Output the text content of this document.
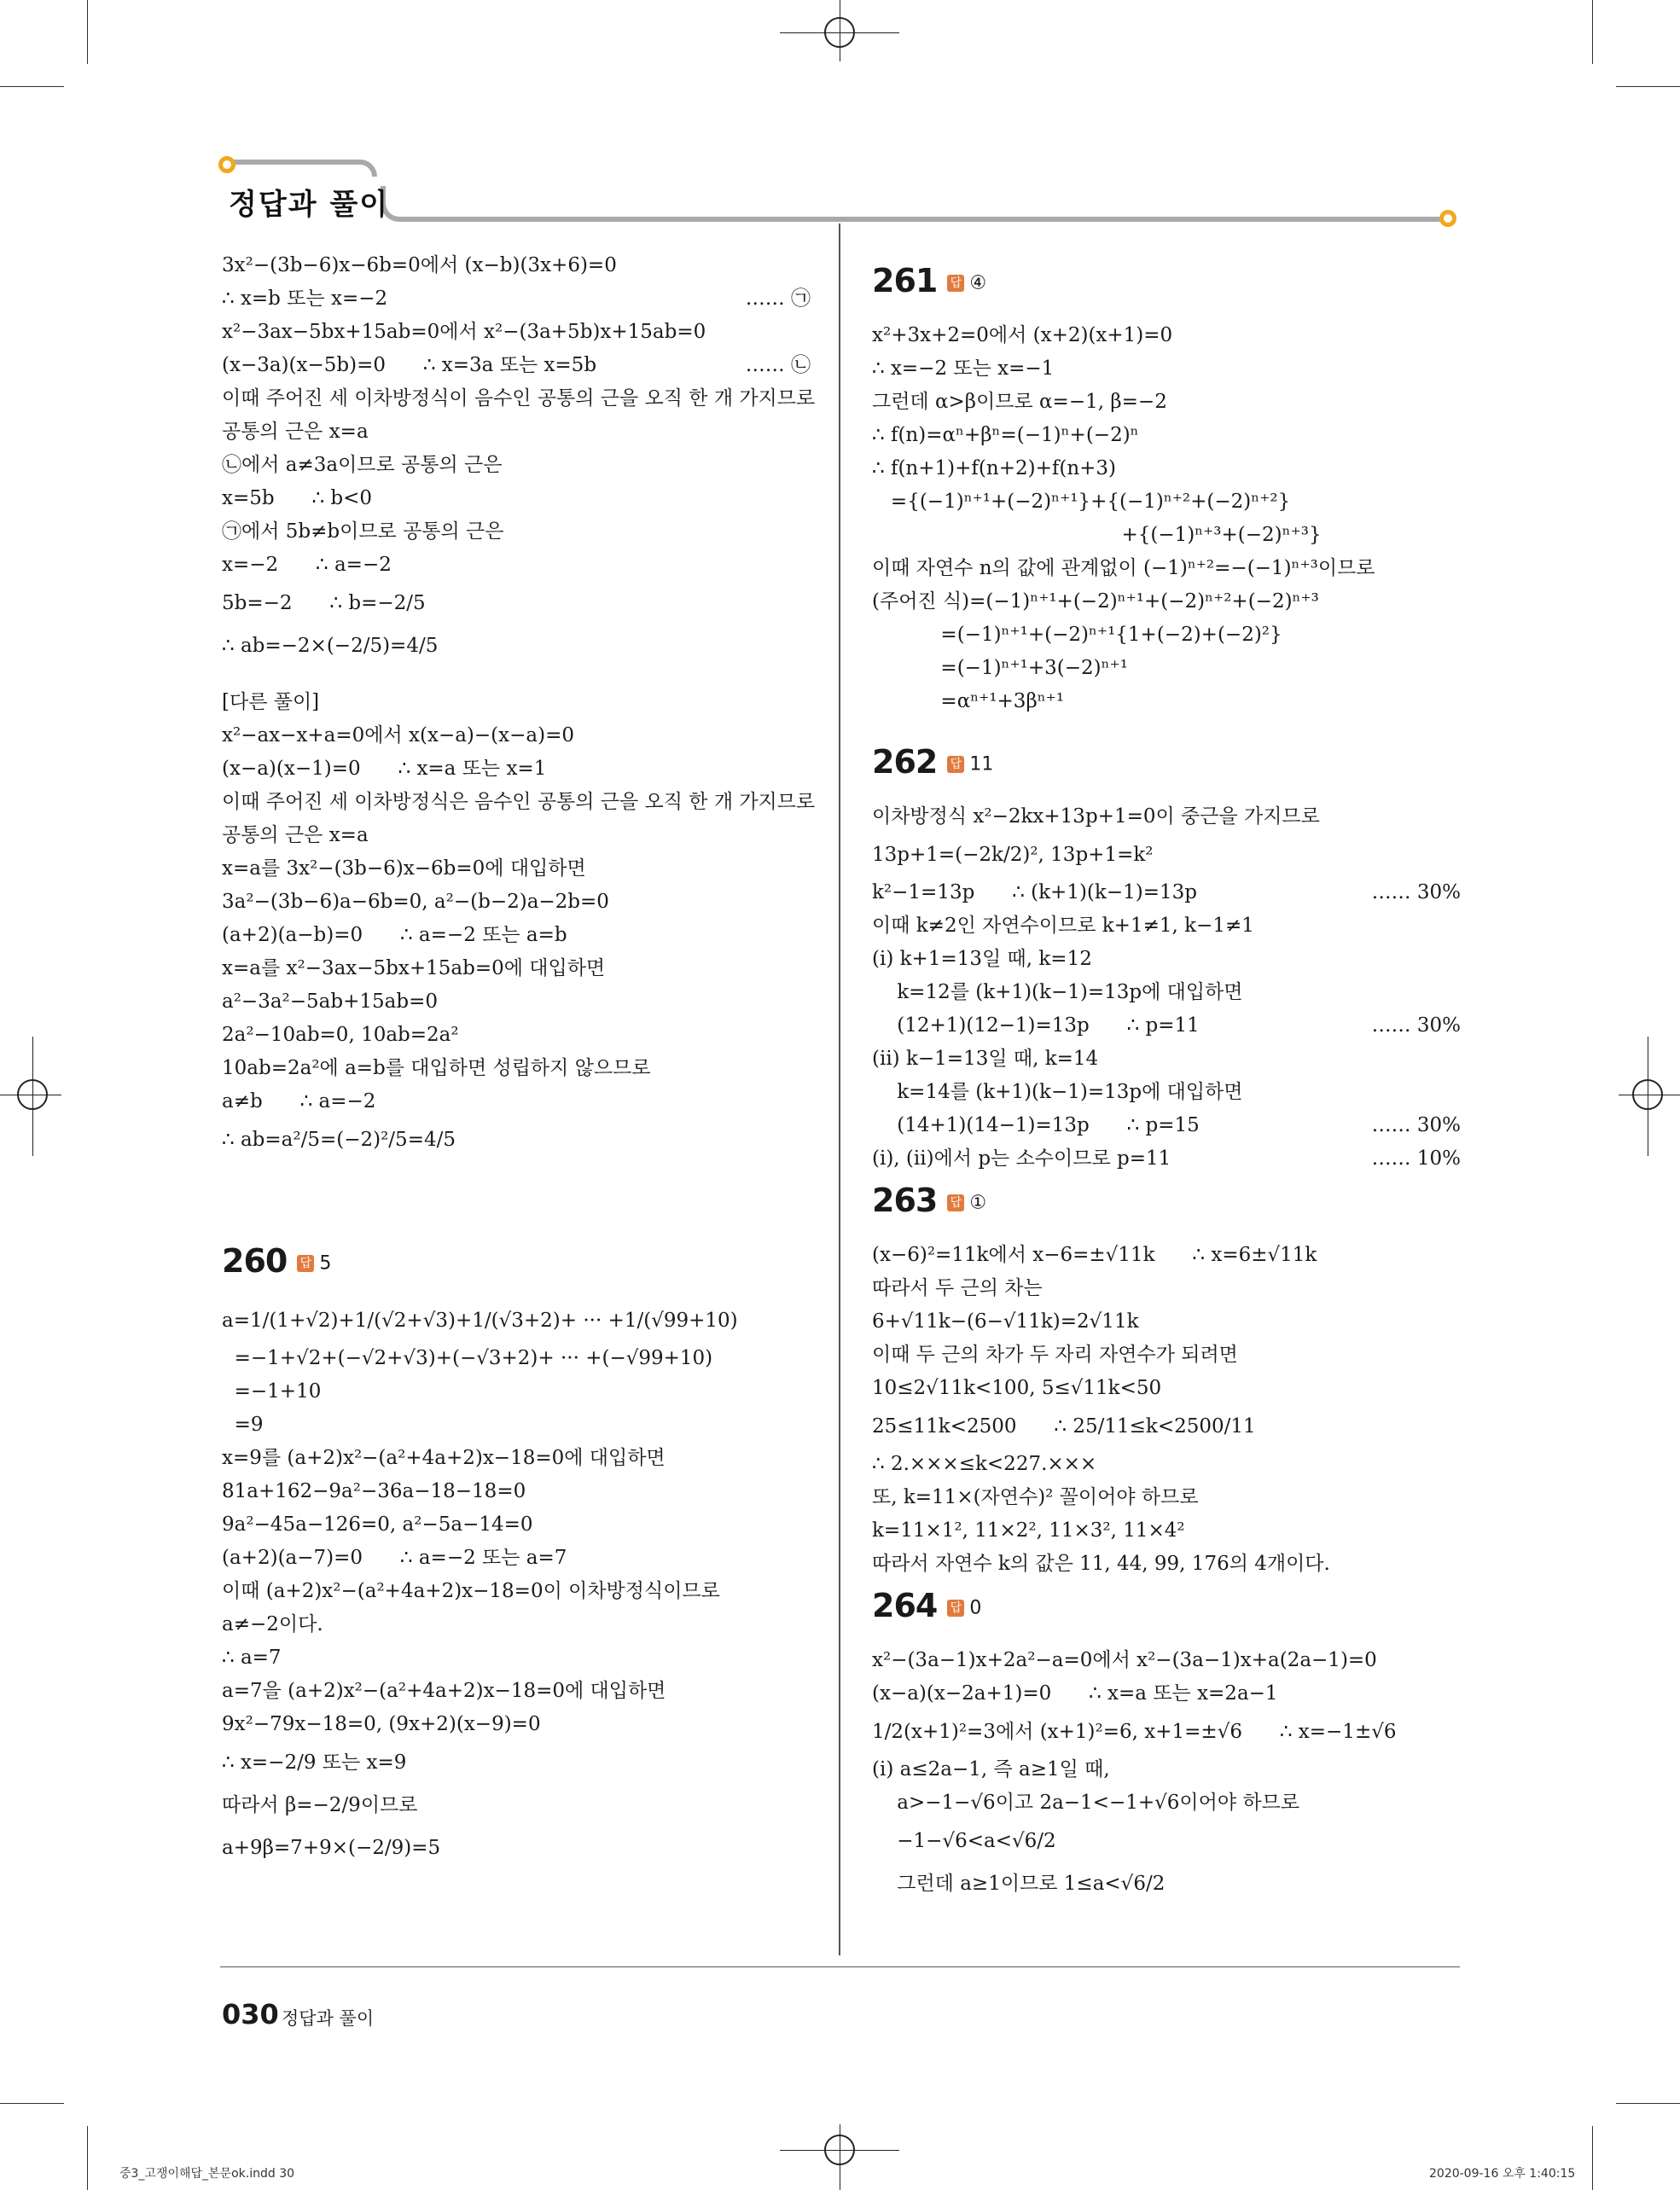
정답과 풀이
3x²−(3b−6)x−6b=0에서 (x−b)(3x+6)=0
∴ x=b 또는 x=−2	…… ㉠
x²−3ax−5bx+15ab=0에서 x²−(3a+5b)x+15ab=0
(x−3a)(x−5b)=0      ∴ x=3a 또는 x=5b	…… ㉡
이때 주어진 세 이차방정식이 음수인 공통의 근을 오직 한 개 가지므로
공통의 근은 x=a
㉡에서 a≠3a이므로 공통의 근은
x=5b      ∴ b<0
㉠에서 5b≠b이므로 공통의 근은
x=−2      ∴ a=−2
5b=−2      ∴ b=−2/5
∴ ab=−2×(−2/5)=4/5
[다른 풀이]
x²−ax−x+a=0에서 x(x−a)−(x−a)=0
(x−a)(x−1)=0      ∴ x=a 또는 x=1
이때 주어진 세 이차방정식은 음수인 공통의 근을 오직 한 개 가지므로
공통의 근은 x=a
x=a를 3x²−(3b−6)x−6b=0에 대입하면
3a²−(3b−6)a−6b=0, a²−(b−2)a−2b=0
(a+2)(a−b)=0      ∴ a=−2 또는 a=b
x=a를 x²−3ax−5bx+15ab=0에 대입하면
a²−3a²−5ab+15ab=0
2a²−10ab=0, 10ab=2a²
10ab=2a²에 a=b를 대입하면 성립하지 않으므로
a≠b      ∴ a=−2
∴ ab=a²/5=(−2)²/5=4/5
260 답 5
a=1/(1+√2)+1/(√2+√3)+1/(√3+2)+ ··· +1/(√99+10)
=−1+√2+(−√2+√3)+(−√3+2)+ ··· +(−√99+10)
=−1+10
=9
x=9를 (a+2)x²−(a²+4a+2)x−18=0에 대입하면
81a+162−9a²−36a−18−18=0
9a²−45a−126=0, a²−5a−14=0
(a+2)(a−7)=0      ∴ a=−2 또는 a=7
이때 (a+2)x²−(a²+4a+2)x−18=0이 이차방정식이므로
a≠−2이다.
∴ a=7
a=7을 (a+2)x²−(a²+4a+2)x−18=0에 대입하면
9x²−79x−18=0, (9x+2)(x−9)=0
∴ x=−2/9 또는 x=9
따라서 β=−2/9이므로
a+9β=7+9×(−2/9)=5
261 답 ④
x²+3x+2=0에서 (x+2)(x+1)=0
∴ x=−2 또는 x=−1
그런데 α>β이므로 α=−1, β=−2
∴ f(n)=αⁿ+βⁿ=(−1)ⁿ+(−2)ⁿ
∴ f(n+1)+f(n+2)+f(n+3)
={(−1)ⁿ⁺¹+(−2)ⁿ⁺¹}+{(−1)ⁿ⁺²+(−2)ⁿ⁺²}
+{(−1)ⁿ⁺³+(−2)ⁿ⁺³}
이때 자연수 n의 값에 관계없이 (−1)ⁿ⁺²=−(−1)ⁿ⁺³이므로
(주어진 식)=(−1)ⁿ⁺¹+(−2)ⁿ⁺¹+(−2)ⁿ⁺²+(−2)ⁿ⁺³
=(−1)ⁿ⁺¹+(−2)ⁿ⁺¹{1+(−2)+(−2)²}
=(−1)ⁿ⁺¹+3(−2)ⁿ⁺¹
=αⁿ⁺¹+3βⁿ⁺¹
262 답 11
이차방정식 x²−2kx+13p+1=0이 중근을 가지므로
13p+1=(−2k/2)², 13p+1=k²
k²−1=13p      ∴ (k+1)(k−1)=13p	…… 30%
이때 k≠2인 자연수이므로 k+1≠1, k−1≠1
(i) k+1=13일 때, k=12
k=12를 (k+1)(k−1)=13p에 대입하면
(12+1)(12−1)=13p      ∴ p=11	…… 30%
(ii) k−1=13일 때, k=14
k=14를 (k+1)(k−1)=13p에 대입하면
(14+1)(14−1)=13p      ∴ p=15	…… 30%
(i), (ii)에서 p는 소수이므로 p=11	…… 10%
263 답 ①
(x−6)²=11k에서 x−6=±√11k      ∴ x=6±√11k
따라서 두 근의 차는
6+√11k−(6−√11k)=2√11k
이때 두 근의 차가 두 자리 자연수가 되려면
10≤2√11k<100, 5≤√11k<50
25≤11k<2500      ∴ 25/11≤k<2500/11
∴ 2.×××≤k<227.×××
또, k=11×(자연수)² 꼴이어야 하므로
k=11×1², 11×2², 11×3², 11×4²
따라서 자연수 k의 값은 11, 44, 99, 176의 4개이다.
264 답 0
x²−(3a−1)x+2a²−a=0에서 x²−(3a−1)x+a(2a−1)=0
(x−a)(x−2a+1)=0      ∴ x=a 또는 x=2a−1
1/2(x+1)²=3에서 (x+1)²=6, x+1=±√6      ∴ x=−1±√6
(i) a≤2a−1, 즉 a≥1일 때,
a>−1−√6이고 2a−1<−1+√6이어야 하므로
−1−√6<a<√6/2
그런데 a≥1이므로 1≤a<√6/2
030 정답과 풀이
중3_고쟁이해답_본문ok.indd 30	2020-09-16 오후 1:40:15
